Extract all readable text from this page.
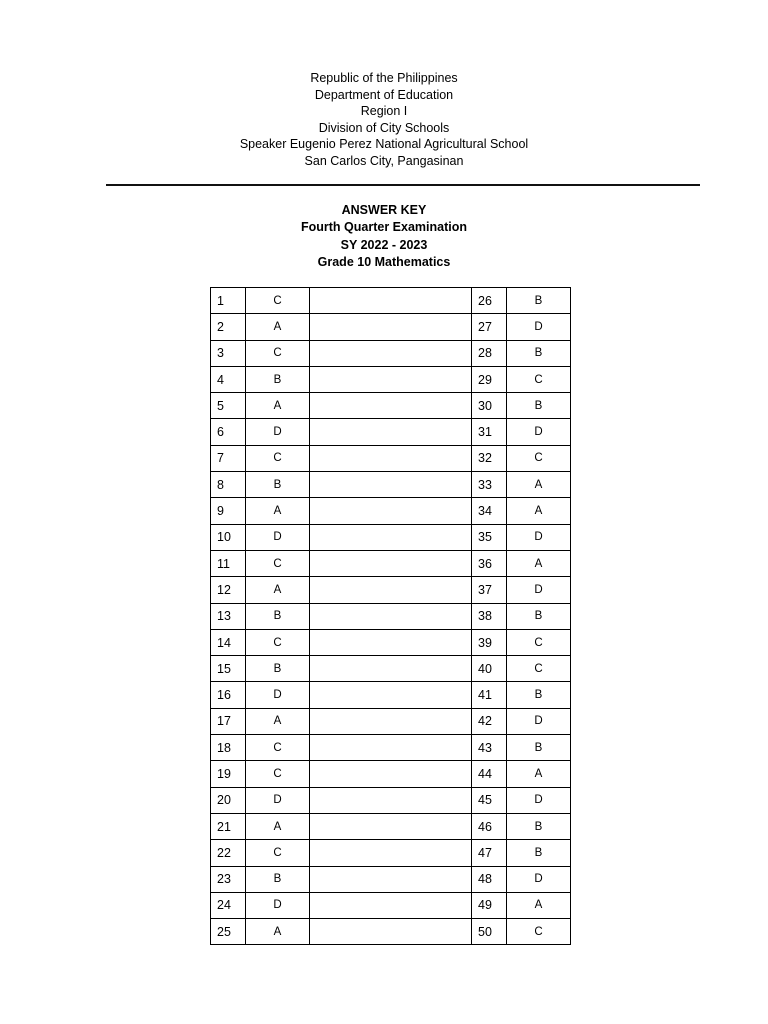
Republic of the Philippines
Department of Education
Region I
Division of City Schools
Speaker Eugenio Perez National Agricultural School
San Carlos City, Pangasinan
ANSWER KEY
Fourth Quarter Examination
SY 2022 - 2023
Grade 10 Mathematics
1	C		26	B
2	A		27	D
3	C		28	B
4	B		29	C
5	A		30	B
6	D		31	D
7	C		32	C
8	B		33	A
9	A		34	A
10	D		35	D
11	C		36	A
12	A		37	D
13	B		38	B
14	C		39	C
15	B		40	C
16	D		41	B
17	A		42	D
18	C		43	B
19	C		44	A
20	D		45	D
21	A		46	B
22	C		47	B
23	B		48	D
24	D		49	A
25	A		50	C
